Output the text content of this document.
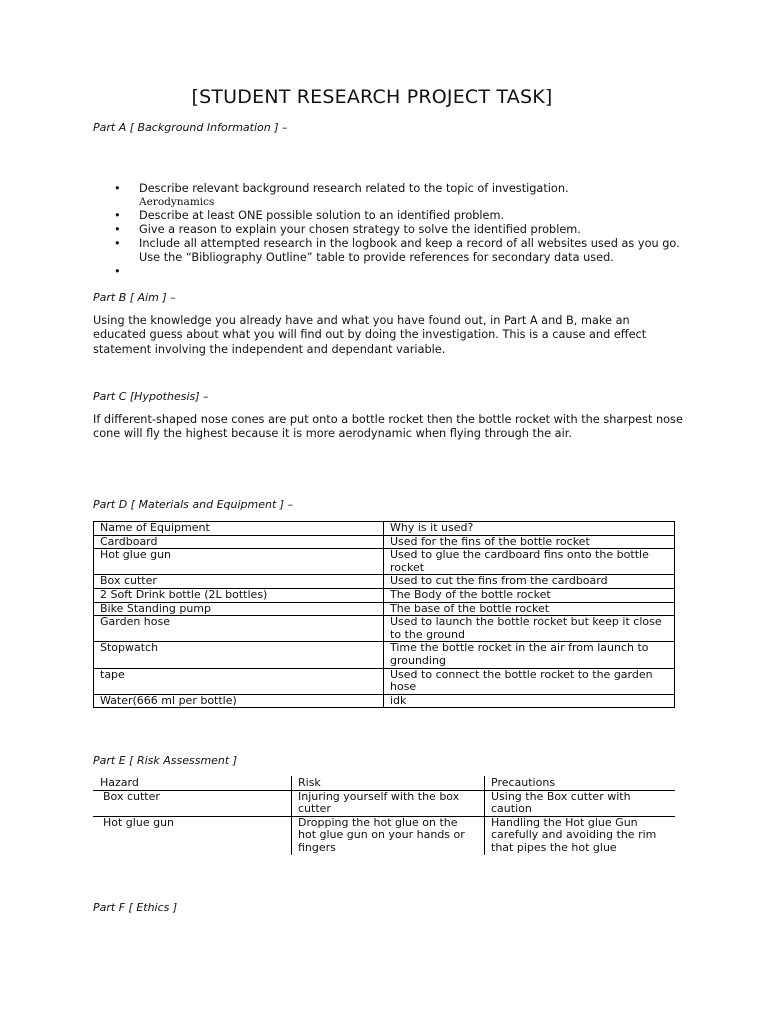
[STUDENT RESEARCH PROJECT TASK]
Part A [ Background Information ] –
• Describe relevant background research related to the topic of investigation.
Aerodynamics
• Describe at least ONE possible solution to an identified problem.
• Give a reason to explain your chosen strategy to solve the identified problem.
• Include all attempted research in the logbook and keep a record of all websites used as you go. Use the “Bibliography Outline” table to provide references for secondary data used.
•
Part B [ Aim ] –
Using the knowledge you already have and what you have found out, in Part A and B, make an educated guess about what you will find out by doing the investigation. This is a cause and effect statement involving the independent and dependant variable.
Part C [Hypothesis] –
If different-shaped nose cones are put onto a bottle rocket then the bottle rocket with the sharpest nose cone will fly the highest because it is more aerodynamic when flying through the air.
Part D [ Materials and Equipment ] –
Name of Equipment	Why is it used?
Cardboard	Used for the fins of the bottle rocket
Hot glue gun	Used to glue the cardboard fins onto the bottle rocket
Box cutter	Used to cut the fins from the cardboard
2 Soft Drink bottle (2L bottles)	The Body of the bottle rocket
Bike Standing pump	The base of the bottle rocket
Garden hose	Used to launch the bottle rocket but keep it close to the ground
Stopwatch	Time the bottle rocket in the air from launch to grounding
tape	Used to connect the bottle rocket to the garden hose
Water(666 ml per bottle)	idk
Part E [ Risk Assessment ]
Hazard	Risk	Precautions
Box cutter	Injuring yourself with the box cutter	Using the Box cutter with caution
Hot glue gun	Dropping the hot glue on the hot glue gun on your hands or fingers	Handling the Hot glue Gun carefully and avoiding the rim that pipes the hot glue
Part F [ Ethics ]
